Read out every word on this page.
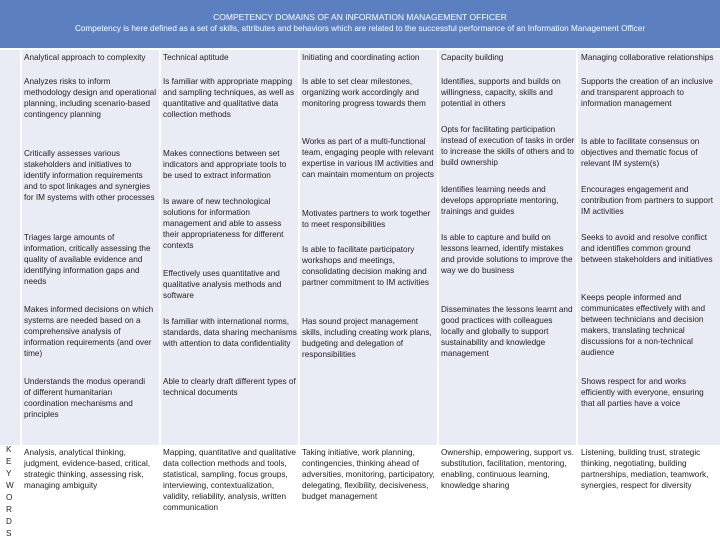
COMPETENCY DOMAINS OF AN INFORMATION MANAGEMENT OFFICER
Competency is here defined as a set of skills, attributes and behaviors which are related to the successful performance of an Information Management Officer
K
E
Y
W
O
R
D
S
Analytical approach to complexity
Analyzes risks to inform methodology design and operational planning, including scenario-based contingency planning
Critically assesses various stakeholders and initiatives to identify information requirements and to spot linkages and synergies for IM systems with other processes
Triages large amounts of information, critically assessing the quality of available evidence and identifying information gaps and needs
Makes informed decisions on which systems are needed based on a comprehensive analysis of information requirements (and over time)
Understands the modus operandi of different humanitarian coordination mechanisms and principles
Analysis, analytical thinking, judgment, evidence-based, critical, strategic thinking, assessing risk, managing ambiguity
Technical aptitude
Is familiar with appropriate mapping and sampling techniques, as well as quantitative and qualitative data collection methods
Makes connections between set indicators and appropriate tools to be used to extract information
Is aware of new technological solutions for information management and able to assess their appropriateness for different contexts
Effectively uses quantitative and qualitative analysis methods and software
Is familiar with international norms, standards, data sharing mechanisms with attention to data confidentiality
Able to clearly draft different types of technical documents
Mapping, quantitative and qualitative data collection methods and tools, statistical, sampling, focus groups, interviewing, contextualization, validity, reliability, analysis, written communication
Initiating and coordinating action
Is able to set clear milestones, organizing work accordingly and monitoring progress towards them
Works as part of a multi-functional team, engaging people with relevant expertise in various IM activities and can maintain momentum on projects
Motivates partners to work together to meet responsibilities
Is able to facilitate participatory workshops and meetings, consolidating decision making and partner commitment to IM activities
Has sound project management skills, including creating work plans, budgeting and delegation of responsibilities
Taking initiative, work planning, contingencies, thinking ahead of adversities, monitoring, participatory, delegating, flexibility, decisiveness, budget management
Capacity building
Identifies, supports and builds on willingness, capacity, skills and potential in others
Opts for facilitating participation instead of execution of tasks in order to increase the skills of others and to build ownership
Identifies learning needs and develops appropriate mentoring, trainings and guides
Is able to capture and build on lessons learned, identify mistakes and provide solutions to improve the way we do business
Disseminates the lessons learnt and good practices with colleagues locally and globally to support sustainability and knowledge management
Ownership, empowering, support vs. substitution, facilitation, mentoring, enabling, continuous learning, knowledge sharing
Managing collaborative relationships
Supports the creation of an inclusive and transparent approach to information management
Is able to facilitate consensus on objectives and thematic focus of relevant IM system(s)
Encourages engagement and contribution from partners to support IM activities
Seeks to avoid and resolve conflict and identifies common ground between stakeholders and initiatives
Keeps people informed and communicates effectively with and between technicians and decision makers, translating technical discussions for a non-technical audience
Shows respect for and works efficiently with everyone, ensuring that all parties have a voice
Listening, building trust, strategic thinking, negotiating, building partnerships, mediation, teamwork, synergies, respect for diversity
